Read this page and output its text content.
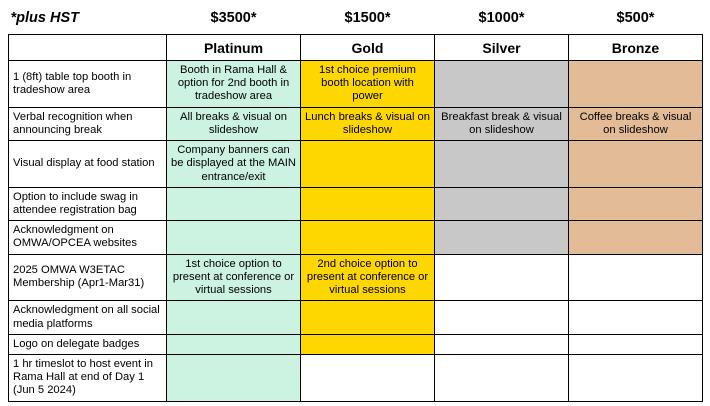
*plus HST	$3500*	$1500*	$1000*	$500*
	Platinum	Gold	Silver	Bronze
1 (8ft) table top booth in tradeshow area	Booth in Rama Hall & option for 2nd booth in tradeshow area	1st choice premium booth location with power		
Verbal recognition when announcing break	All breaks & visual on slideshow	Lunch breaks & visual on slideshow	Breakfast break & visual on slideshow	Coffee breaks & visual on slideshow
Visual display at food station	Company banners can be displayed at the MAIN entrance/exit			
Option to include swag in attendee registration bag				
Acknowledgment on OMWA/OPCEA websites				
2025 OMWA W3ETAC Membership (Apr1-Mar31)	1st choice option to present at conference or virtual sessions	2nd choice option to present at conference or virtual sessions		
Acknowledgment on all social media platforms				
Logo on delegate badges				
1 hr timeslot to host event in Rama Hall at end of Day 1 (Jun 5 2024)				
